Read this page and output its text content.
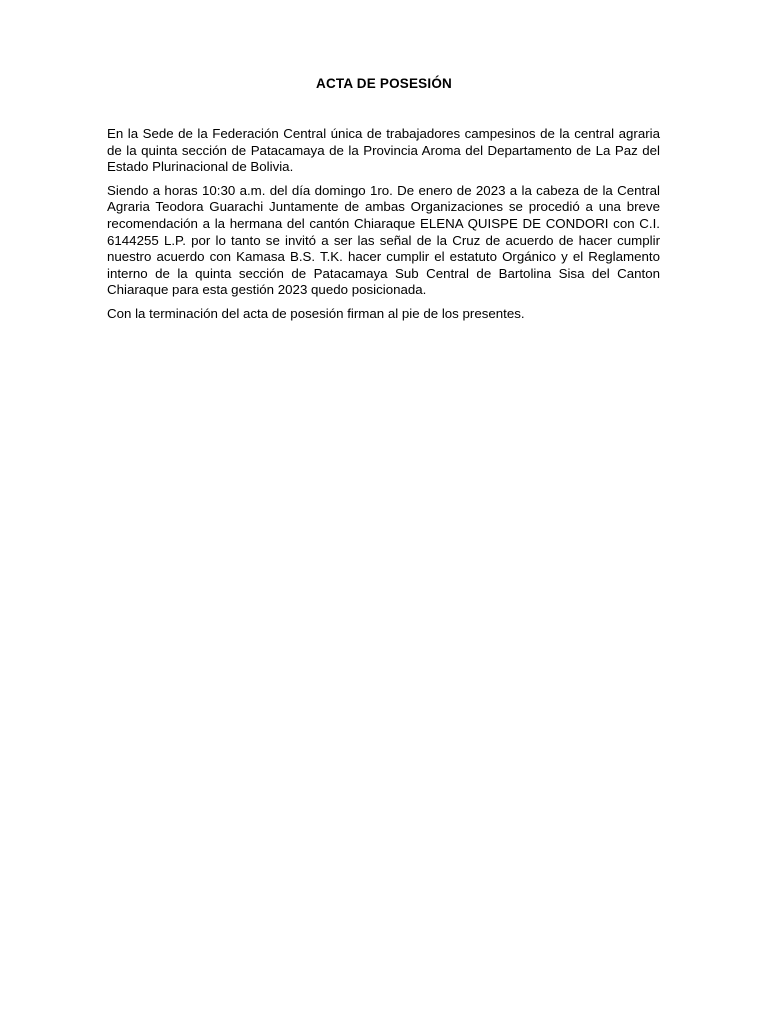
ACTA DE POSESIÓN

En la Sede de la Federación Central única de trabajadores campesinos de la central agraria de la quinta sección de Patacamaya de la Provincia Aroma del Departamento de La Paz del Estado Plurinacional de Bolivia.

Siendo a horas 10:30 a.m. del día domingo 1ro. De enero de 2023 a la cabeza de la Central Agraria Teodora Guarachi Juntamente de ambas Organizaciones se procedió a una breve recomendación a la hermana del cantón Chiaraque ELENA QUISPE DE CONDORI con C.I. 6144255 L.P. por lo tanto se invitó a ser las señal de la Cruz de acuerdo de hacer cumplir nuestro acuerdo con Kamasa B.S. T.K. hacer cumplir el estatuto Orgánico y el Reglamento interno de la quinta sección de Patacamaya Sub Central de Bartolina Sisa del Canton Chiaraque para esta gestión 2023 quedo posicionada.

Con la terminación del acta de posesión firman al pie de los presentes.
